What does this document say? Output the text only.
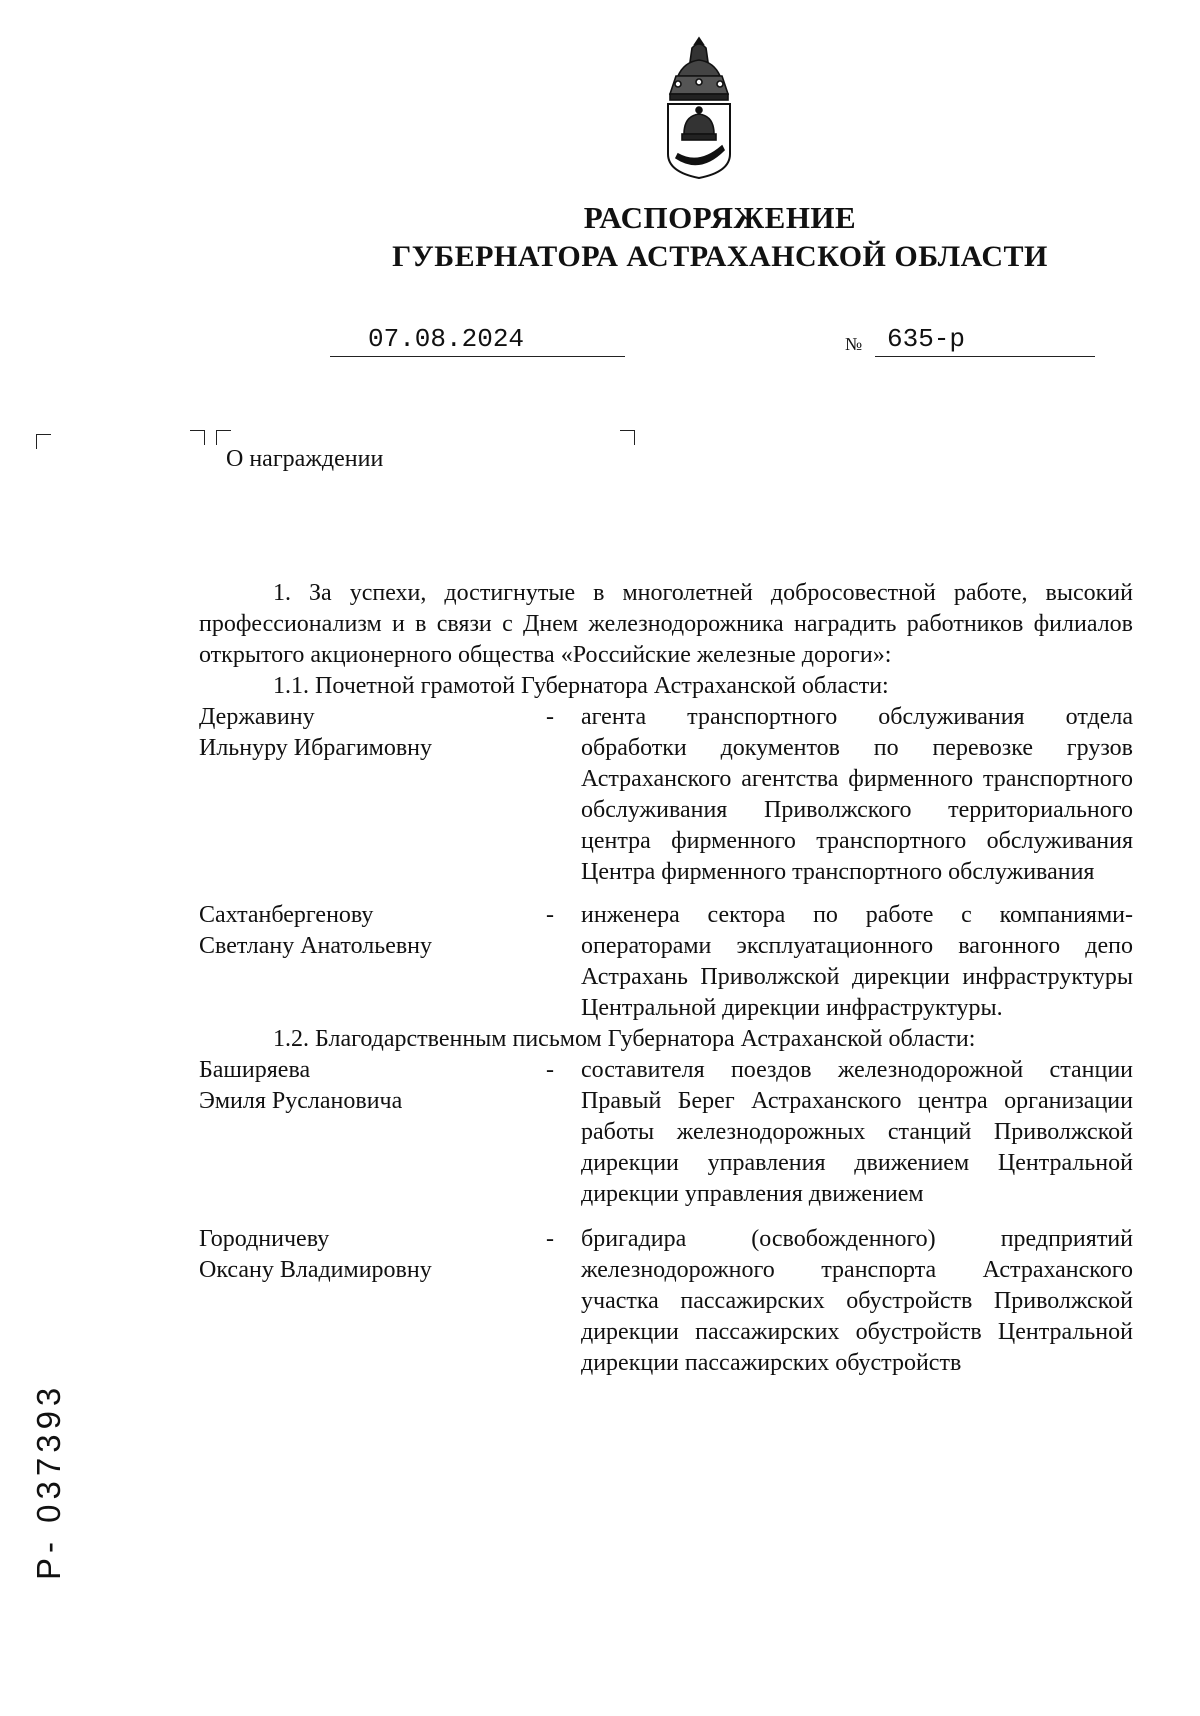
РАСПОРЯЖЕНИЕ
ГУБЕРНАТОРА АСТРАХАНСКОЙ ОБЛАСТИ
07.08.2024	№ 635-р
О награждении

1. За успехи, достигнутые в многолетней добросовестной работе, высокий профессионализм и в связи с Днем железнодорожника наградить работников филиалов открытого акционерного общества «Российские железные дороги»:

1.1. Почетной грамотой Губернатора Астраханской области:

Державину
Ильнуру Ибрагимовну
- агента транспортного обслуживания отдела обработки документов по перевозке грузов Астраханского агентства фирменного транспортного обслуживания Приволжского территориального центра фирменного транспортного обслуживания Центра фирменного транспортного обслуживания
Сахтанбергенову
Светлану Анатольевну
- инженера сектора по работе с компаниями-операторами эксплуатационного вагонного депо Астрахань Приволжской дирекции инфраструктуры Центральной дирекции инфраструктуры.

1.2. Благодарственным письмом Губернатора Астраханской области:

Баширяева
Эмиля Руслановича
- составителя поездов железнодорожной станции Правый Берег Астраханского центра организации работы железнодорожных станций Приволжской дирекции управления движением Центральной дирекции управления движением
Городничеву
Оксану Владимировну
- бригадира (освобожденного) предприятий железнодорожного транспорта Астраханского участка пассажирских обустройств Приволжской дирекции пассажирских обустройств Центральной дирекции пассажирских обустройств
Р- 037393
